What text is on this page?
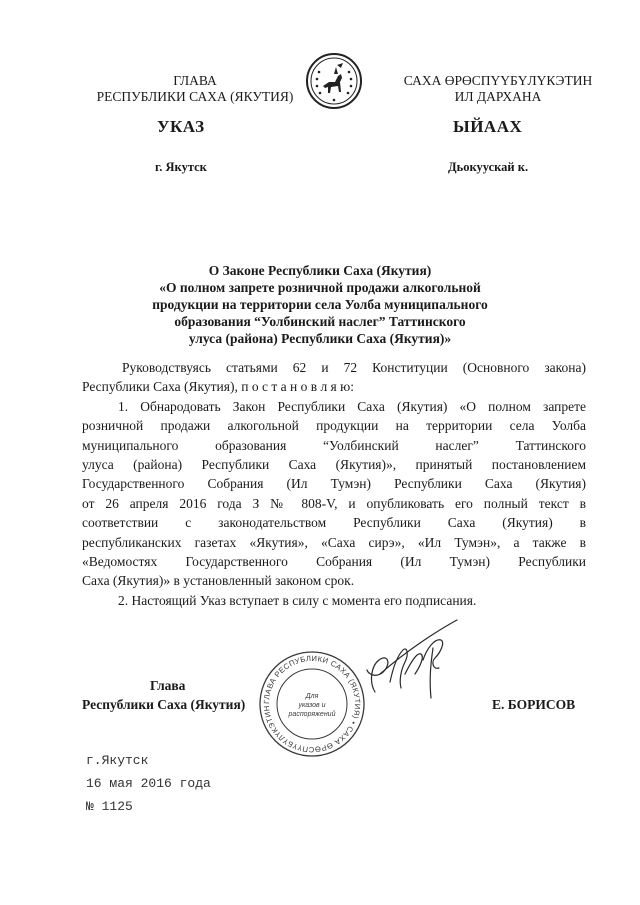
ГЛАВА
РЕСПУБЛИКИ САХА (ЯКУТИЯ)
САХА ӨРӨСПҮҮБҮЛҮКЭТИН
ИЛ ДАРХАНА
УКАЗ	ЫЙААХ
г. Якутск	Дьокуускай к.
О Законе Республики Саха (Якутия)
«О полном запрете розничной продажи алкогольной
продукции на территории села Уолба муниципального
образования “Уолбинский наслег” Таттинского
улуса (района) Республики Саха (Якутия)»

Руководствуясь статьями 62 и 72 Конституции (Основного закона)

Республики Саха (Якутия), п о с т а н о в л я ю:

1. Обнародовать Закон Республики Саха (Якутия) «О полном запрете

розничной продажи алкогольной продукции на территории села Уолба

муниципального образования “Уолбинский наслег” Таттинского

улуса (района) Республики Саха (Якутия)», принятый постановлением

Государственного Собрания (Ил Тумэн) Республики Саха (Якутия)

от 26 апреля 2016 года З № 808-V, и опубликовать его полный текст в

соответствии с законодательством Республики Саха (Якутия) в

республиканских газетах «Якутия», «Саха сирэ», «Ил Тумэн», а также в

«Ведомостях Государственного Собрания (Ил Тумэн) Республики

Саха (Якутия)» в установленный законом срок.

2. Настоящий Указ вступает в силу с момента его подписания.

Глава
Республики Саха (Якутия)	Е. БОРИСОВ
ГЛАВА РЕСПУБЛИКИ САХА (ЯКУТИЯ) • САХА ӨРӨСПҮҮБҮЛҮКЭТИН
Для
указов и
распоряжений
г.Якутск
16 мая 2016 года
№ 1125
